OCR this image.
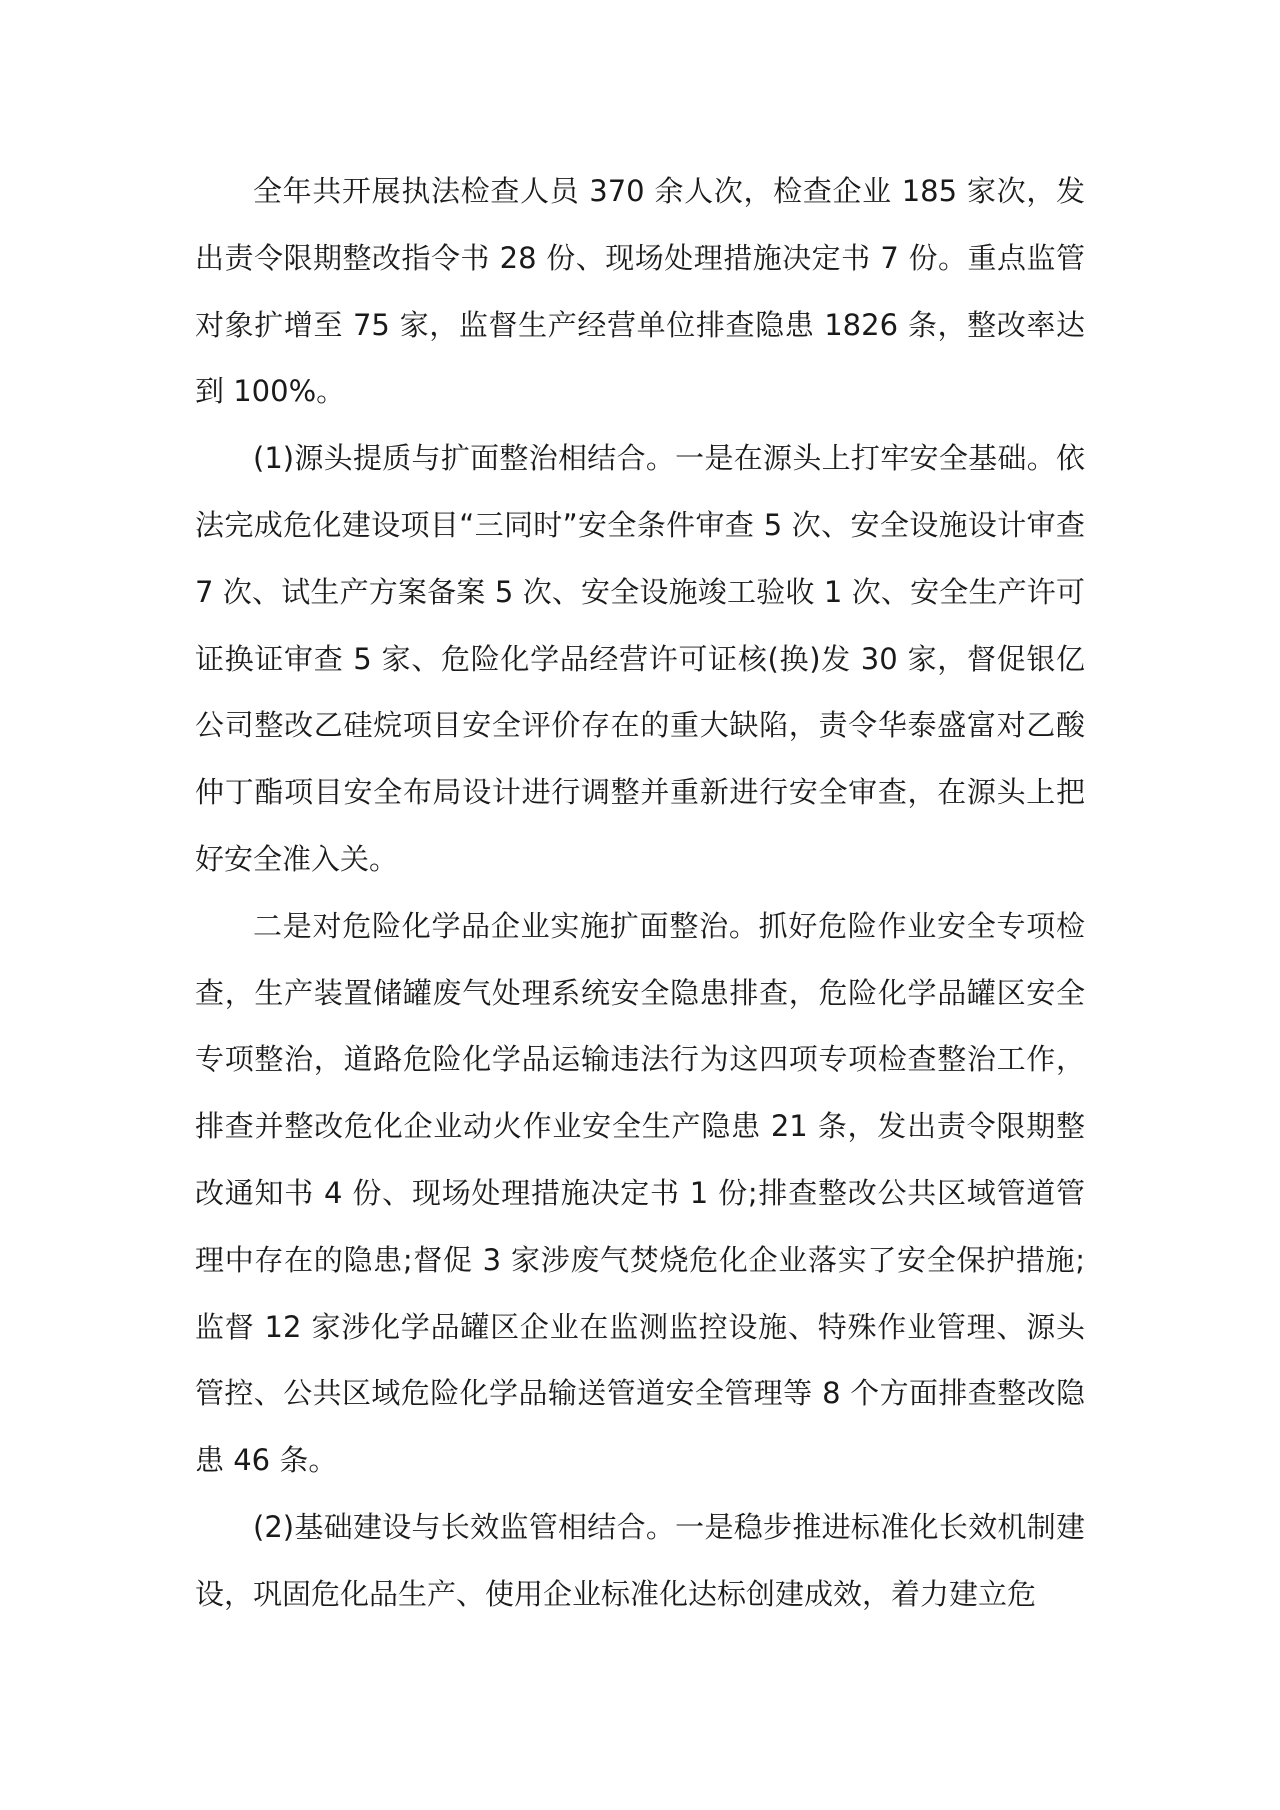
全年共开展执法检查人员 370 余人次，检查企业 185 家次，发出责令限期整改指令书 28 份、现场处理措施决定书 7 份。重点监管对象扩增至 75 家，监督生产经营单位排查隐患 1826 条，整改率达到 100%。

(1)源头提质与扩面整治相结合。一是在源头上打牢安全基础。依法完成危化建设项目“三同时”安全条件审查 5 次、安全设施设计审查 7 次、试生产方案备案 5 次、安全设施竣工验收 1 次、安全生产许可证换证审查 5 家、危险化学品经营许可证核(换)发 30 家，督促银亿公司整改乙硅烷项目安全评价存在的重大缺陷，责令华泰盛富对乙酸仲丁酯项目安全布局设计进行调整并重新进行安全审查，在源头上把好安全准入关。

二是对危险化学品企业实施扩面整治。抓好危险作业安全专项检查，生产装置储罐废气处理系统安全隐患排查，危险化学品罐区安全专项整治，道路危险化学品运输违法行为这四项专项检查整治工作，排查并整改危化企业动火作业安全生产隐患 21 条，发出责令限期整改通知书 4 份、现场处理措施决定书 1 份;排查整改公共区域管道管理中存在的隐患;督促 3 家涉废气焚烧危化企业落实了安全保护措施;监督 12 家涉化学品罐区企业在监测监控设施、特殊作业管理、源头管控、公共区域危险化学品输送管道安全管理等 8 个方面排查整改隐患 46 条。

(2)基础建设与长效监管相结合。一是稳步推进标准化长效机制建设，巩固危化品生产、使用企业标准化达标创建成效，着力建立危
